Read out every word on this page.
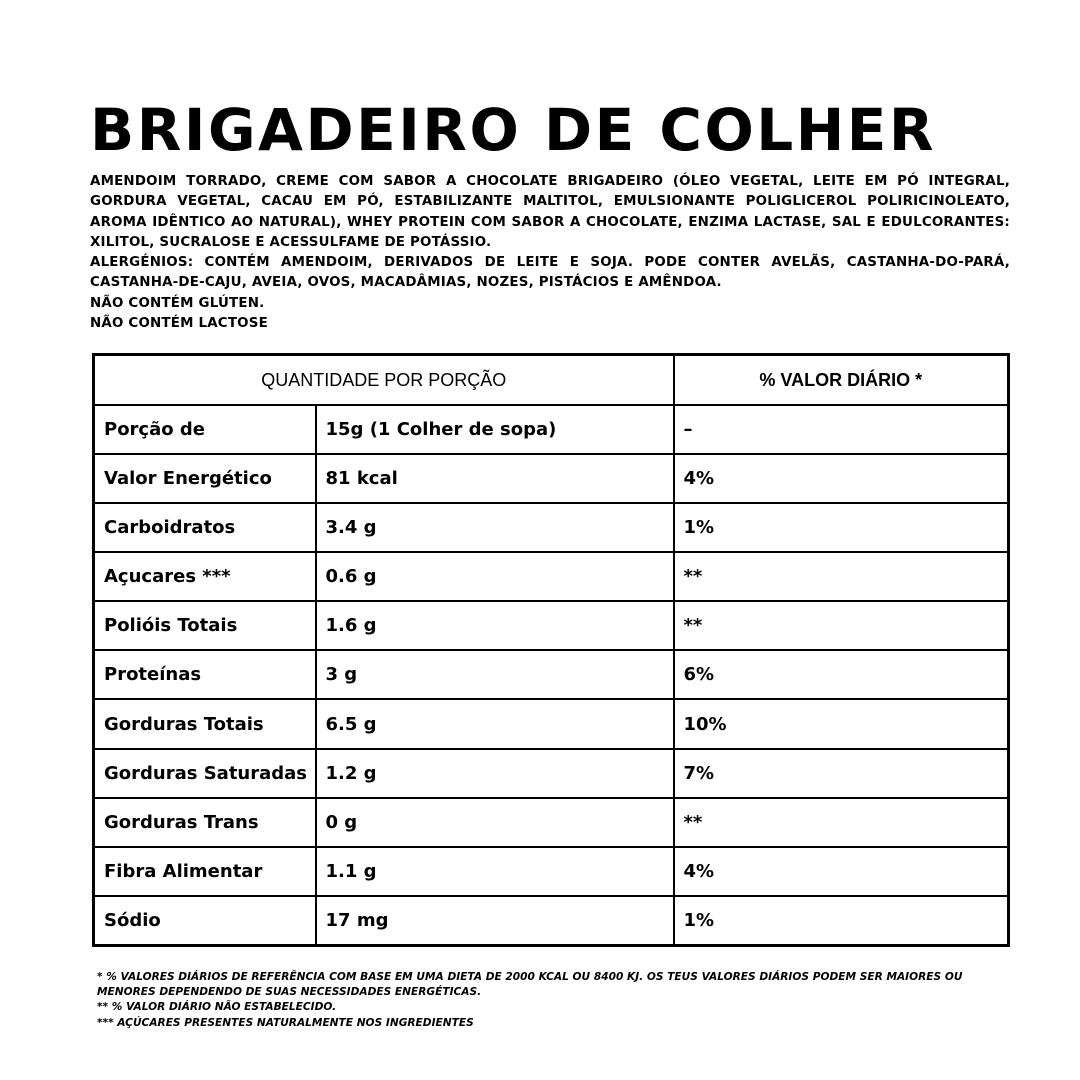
BRIGADEIRO DE COLHER

AMENDOIM TORRADO, CREME COM SABOR A CHOCOLATE BRIGADEIRO (ÓLEO VEGETAL, LEITE EM PÓ INTEGRAL, GORDURA VEGETAL, CACAU EM PÓ, ESTABILIZANTE MALTITOL, EMULSIONANTE POLIGLICEROL POLIRICINOLEATO, AROMA IDÊNTICO AO NATURAL), WHEY PROTEIN COM SABOR A CHOCOLATE, ENZIMA LACTASE, SAL E EDULCORANTES: XILITOL, SUCRALOSE E ACESSULFAME DE POTÁSSIO.

ALERGÉNIOS: CONTÉM AMENDOIM, DERIVADOS DE LEITE E SOJA. PODE CONTER AVELÃS, CASTANHA-DO-PARÁ, CASTANHA-DE-CAJU, AVEIA, OVOS, MACADÂMIAS, NOZES, PISTÁCIOS E AMÊNDOA.

NÃO CONTÉM GLÚTEN.

NÃO CONTÉM LACTOSE

QUANTIDADE POR PORÇÃO		% VALOR DIÁRIO *
Porção de	15g (1 Colher de sopa)	–
Valor Energético	81 kcal	4%
Carboidratos	3.4 g	1%
Açucares ***	0.6 g	**
Polióis Totais	1.6 g	**
Proteínas	3 g	6%
Gorduras Totais	6.5 g	10%
Gorduras Saturadas	1.2 g	7%
Gorduras Trans	0 g	**
Fibra Alimentar	1.1 g	4%
Sódio	17 mg	1%

* % VALORES DIÁRIOS DE REFERÊNCIA COM BASE EM UMA DIETA DE 2000 KCAL OU 8400 KJ. OS TEUS VALORES DIÁRIOS PODEM SER MAIORES OU MENORES DEPENDENDO DE SUAS NECESSIDADES ENERGÉTICAS.

** % VALOR DIÁRIO NÃO ESTABELECIDO.

*** AÇÚCARES PRESENTES NATURALMENTE NOS INGREDIENTES
